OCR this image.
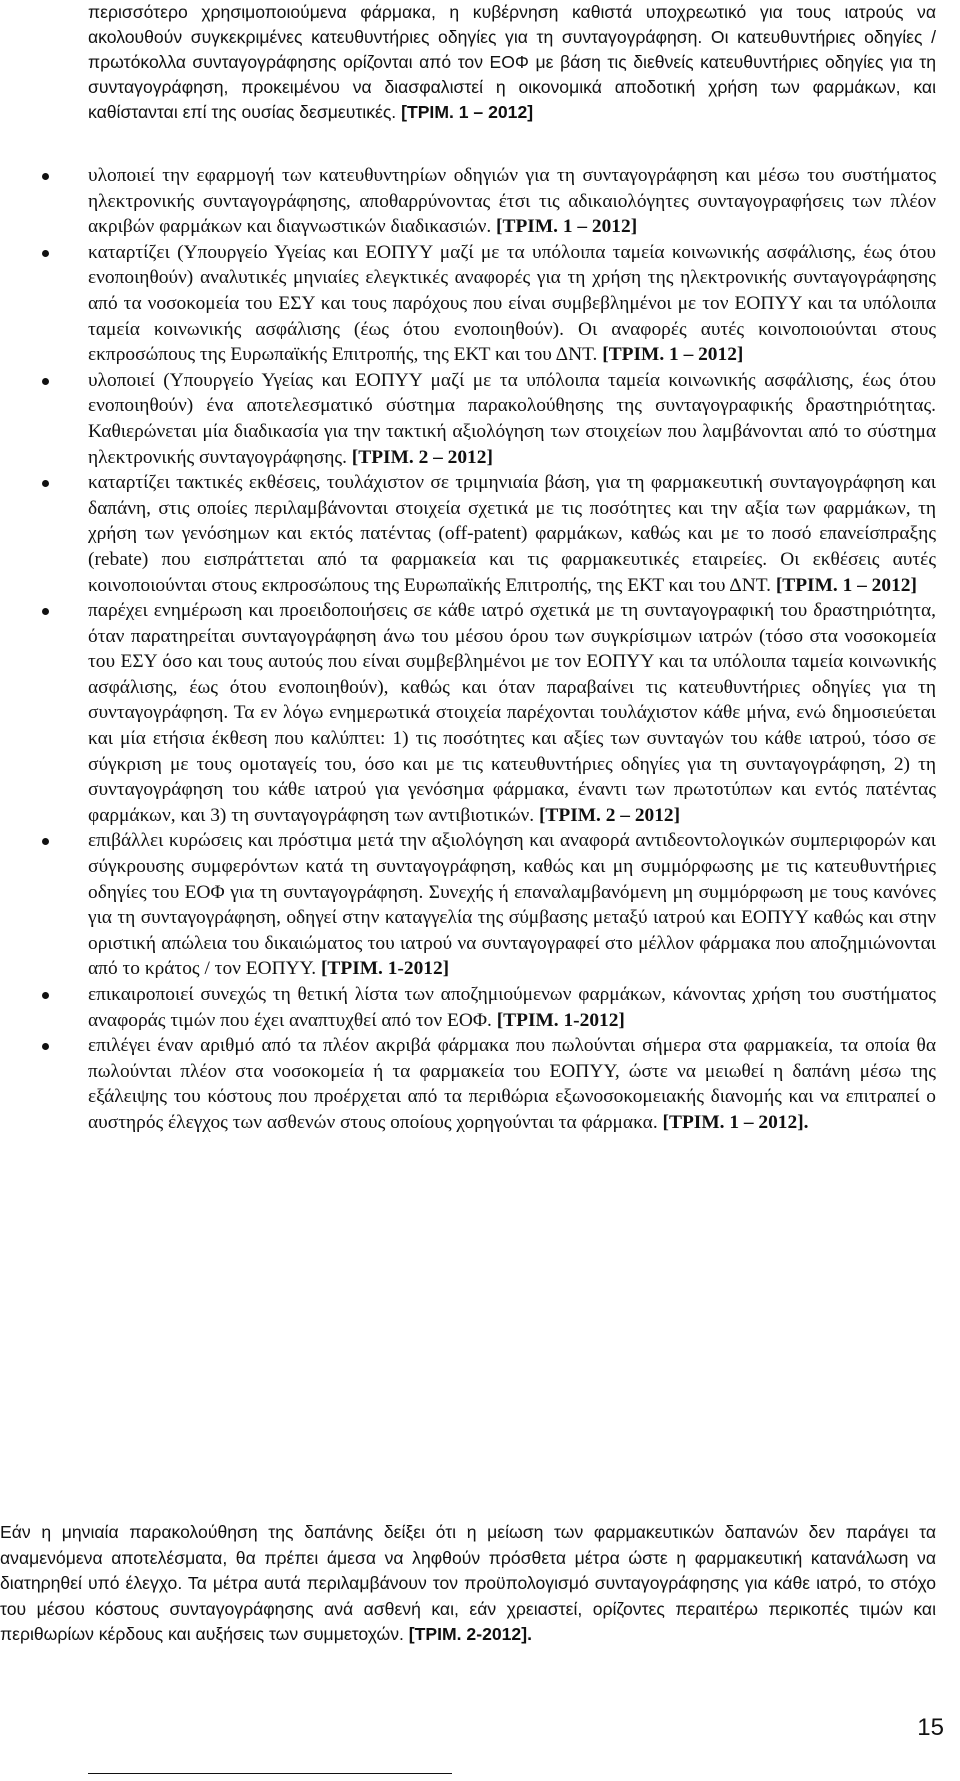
περισσότερο χρησιμοποιούμενα φάρμακα, η κυβέρνηση καθιστά υποχρεωτικό για τους ιατρούς να ακολουθούν συγκεκριμένες κατευθυντήριες οδηγίες για τη συνταγογράφηση. Οι κατευθυντήριες οδηγίες / πρωτόκολλα συνταγογράφησης ορίζονται από τον ΕΟΦ με βάση τις διεθνείς κατευθυντήριες οδηγίες για τη συνταγογράφηση, προκειμένου να διασφαλιστεί η οικονομικά αποδοτική χρήση των φαρμάκων, και καθίστανται επί της ουσίας δεσμευτικές. [ΤΡΙΜ. 1 – 2012]

υλοποιεί την εφαρμογή των κατευθυντηρίων οδηγιών για τη συνταγογράφηση και μέσω του συστήματος ηλεκτρονικής συνταγογράφησης, αποθαρρύνοντας έτσι τις αδικαιολόγητες συνταγογραφήσεις των πλέον ακριβών φαρμάκων και διαγνωστικών διαδικασιών. [ΤΡΙΜ. 1 – 2012]
καταρτίζει (Υπουργείο Υγείας και ΕΟΠΥΥ μαζί με τα υπόλοιπα ταμεία κοινωνικής ασφάλισης, έως ότου ενοποιηθούν) αναλυτικές μηνιαίες ελεγκτικές αναφορές για τη χρήση της ηλεκτρονικής συνταγογράφησης από τα νοσοκομεία του ΕΣΥ και τους παρόχους που είναι συμβεβλημένοι με τον ΕΟΠΥΥ και τα υπόλοιπα ταμεία κοινωνικής ασφάλισης (έως ότου ενοποιηθούν). Οι αναφορές αυτές κοινοποιούνται στους εκπροσώπους της Ευρωπαϊκής Επιτροπής, της ΕΚΤ και του ΔΝΤ. [ΤΡΙΜ. 1 – 2012]
υλοποιεί (Υπουργείο Υγείας και ΕΟΠΥΥ μαζί με τα υπόλοιπα ταμεία κοινωνικής ασφάλισης, έως ότου ενοποιηθούν) ένα αποτελεσματικό σύστημα παρακολούθησης της συνταγογραφικής δραστηριότητας. Καθιερώνεται μία διαδικασία για την τακτική αξιολόγηση των στοιχείων που λαμβάνονται από το σύστημα ηλεκτρονικής συνταγογράφησης. [ΤΡΙΜ. 2 – 2012]
καταρτίζει τακτικές εκθέσεις, τουλάχιστον σε τριμηνιαία βάση, για τη φαρμακευτική συνταγογράφηση και δαπάνη, στις οποίες περιλαμβάνονται στοιχεία σχετικά με τις ποσότητες και την αξία των φαρμάκων, τη χρήση των γενόσημων και εκτός πατέντας (off-patent) φαρμάκων, καθώς και με το ποσό επανείσπραξης (rebate) που εισπράττεται από τα φαρμακεία και τις φαρμακευτικές εταιρείες. Οι εκθέσεις αυτές κοινοποιούνται στους εκπροσώπους της Ευρωπαϊκής Επιτροπής, της ΕΚΤ και του ΔΝΤ. [ΤΡΙΜ. 1 – 2012]
παρέχει ενημέρωση και προειδοποιήσεις σε κάθε ιατρό σχετικά με τη συνταγογραφική του δραστηριότητα, όταν παρατηρείται συνταγογράφηση άνω του μέσου όρου των συγκρίσιμων ιατρών (τόσο στα νοσοκομεία του ΕΣΥ όσο και τους αυτούς που είναι συμβεβλημένοι με τον ΕΟΠΥΥ και τα υπόλοιπα ταμεία κοινωνικής ασφάλισης, έως ότου ενοποιηθούν), καθώς και όταν παραβαίνει τις κατευθυντήριες οδηγίες για τη συνταγογράφηση. Τα εν λόγω ενημερωτικά στοιχεία παρέχονται τουλάχιστον κάθε μήνα, ενώ δημοσιεύεται και μία ετήσια έκθεση που καλύπτει: 1) τις ποσότητες και αξίες των συνταγών του κάθε ιατρού, τόσο σε σύγκριση με τους ομοταγείς του, όσο και με τις κατευθυντήριες οδηγίες για τη συνταγογράφηση, 2) τη συνταγογράφηση του κάθε ιατρού για γενόσημα φάρμακα, έναντι των πρωτοτύπων και εντός πατέντας φαρμάκων, και 3) τη συνταγογράφηση των αντιβιοτικών. [ΤΡΙΜ. 2 – 2012]
επιβάλλει κυρώσεις και πρόστιμα μετά την αξιολόγηση και αναφορά αντιδεοντολογικών συμπεριφορών και σύγκρουσης συμφερόντων κατά τη συνταγογράφηση, καθώς και μη συμμόρφωσης με τις κατευθυντήριες οδηγίες του ΕΟΦ για τη συνταγογράφηση. Συνεχής ή επαναλαμβανόμενη μη συμμόρφωση με τους κανόνες για τη συνταγογράφηση, οδηγεί στην καταγγελία της σύμβασης μεταξύ ιατρού και ΕΟΠΥΥ καθώς και στην οριστική απώλεια του δικαιώματος του ιατρού να συνταγογραφεί στο μέλλον φάρμακα που αποζημιώνονται από το κράτος / τον ΕΟΠΥΥ. [ΤΡΙΜ. 1-2012]
επικαιροποιεί συνεχώς τη θετική λίστα των αποζημιούμενων φαρμάκων, κάνοντας χρήση του συστήματος αναφοράς τιμών που έχει αναπτυχθεί από τον ΕΟΦ. [ΤΡΙΜ. 1-2012]
επιλέγει έναν αριθμό από τα πλέον ακριβά φάρμακα που πωλούνται σήμερα στα φαρμακεία, τα οποία θα πωλούνται πλέον στα νοσοκομεία ή τα φαρμακεία του ΕΟΠΥΥ, ώστε να μειωθεί η δαπάνη μέσω της εξάλειψης του κόστους που προέρχεται από τα περιθώρια εξωνοσοκομειακής διανομής και να επιτραπεί ο αυστηρός έλεγχος των ασθενών στους οποίους χορηγούνται τα φάρμακα. [ΤΡΙΜ. 1 – 2012].

Εάν η μηνιαία παρακολούθηση της δαπάνης δείξει ότι η μείωση των φαρμακευτικών δαπανών δεν παράγει τα αναμενόμενα αποτελέσματα, θα πρέπει άμεσα να ληφθούν πρόσθετα μέτρα ώστε η φαρμακευτική κατανάλωση να διατηρηθεί υπό έλεγχο. Τα μέτρα αυτά περιλαμβάνουν τον προϋπολογισμό συνταγογράφησης για κάθε ιατρό, το στόχο του μέσου κόστους συνταγογράφησης ανά ασθενή και, εάν χρειαστεί, ορίζοντες περαιτέρω περικοπές τιμών και περιθωρίων κέρδους και αυξήσεις των συμμετοχών. [ΤΡΙΜ. 2-2012].

15
